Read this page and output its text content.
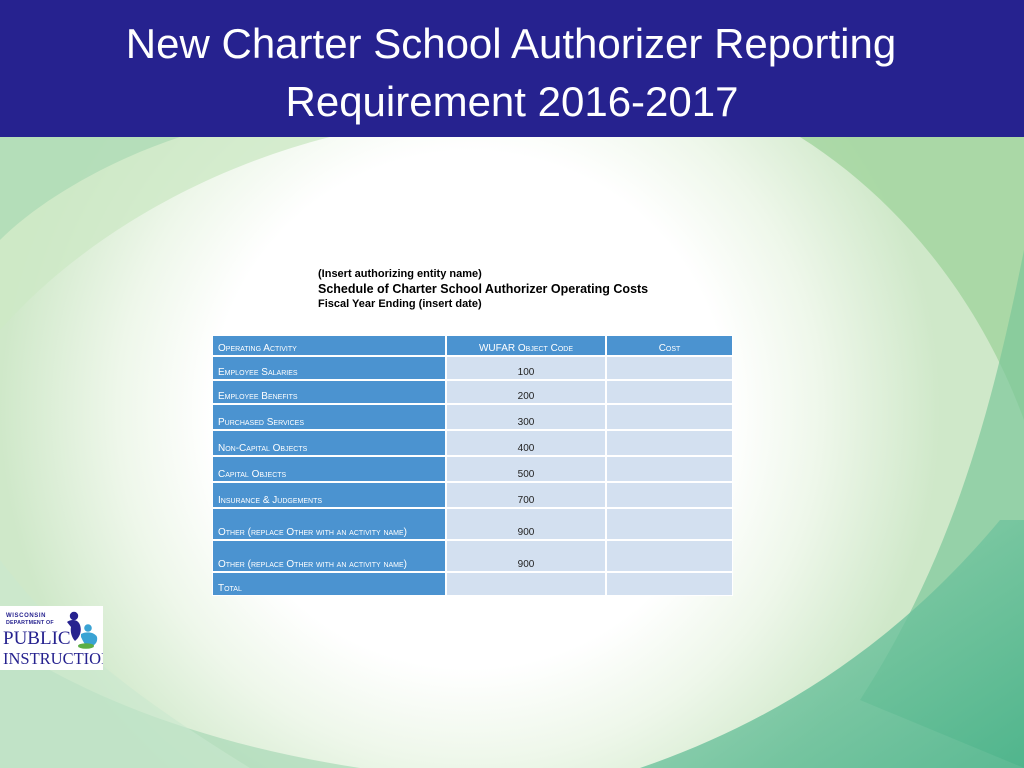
New Charter School Authorizer Reporting
Requirement 2016-2017
(Insert authorizing entity name)
Schedule of Charter School Authorizer Operating Costs
Fiscal Year Ending (insert date)
Operating Activity	WUFAR Object Code	Cost
Employee Salaries	100
Employee Benefits	200
Purchased Services	300
Non-Capital Objects	400
Capital Objects	500
Insurance & Judgements	700
Other (replace Other with an activity name)	900
Other (replace Other with an activity name)	900
Total
WISCONSIN
DEPARTMENT OF
PUBLIC
INSTRUCTION
